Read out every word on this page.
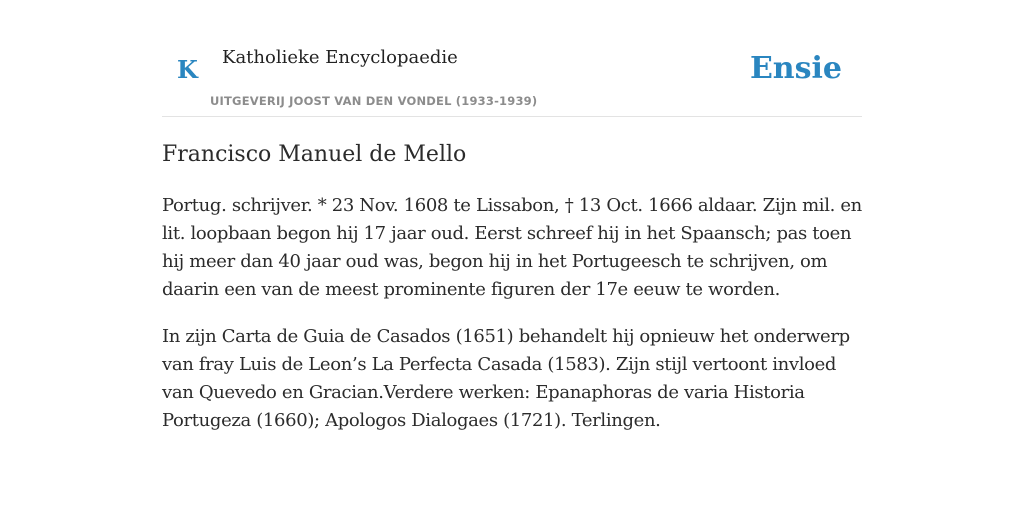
K Katholieke Encyclopaedie
UITGEVERIJ JOOST VAN DEN VONDEL (1933-1939)
Ensie
Francisco Manuel de Mello

Portug. schrijver. * 23 Nov. 1608 te Lissabon, † 13 Oct. 1666 aldaar. Zijn mil. en lit. loopbaan begon hij 17 jaar oud. Eerst schreef hij in het Spaansch; pas toen hij meer dan 40 jaar oud was, begon hij in het Portugeesch te schrijven, om daarin een van de meest prominente figuren der 17e eeuw te worden.

In zijn Carta de Guia de Casados (1651) behandelt hij opnieuw het onderwerp van fray Luis de Leon’s La Perfecta Casada (1583). Zijn stijl vertoont invloed van Quevedo en Gracian.Verdere werken: Epanaphoras de varia Historia Portugeza (1660); Apologos Dialogaes (1721). Terlingen.
